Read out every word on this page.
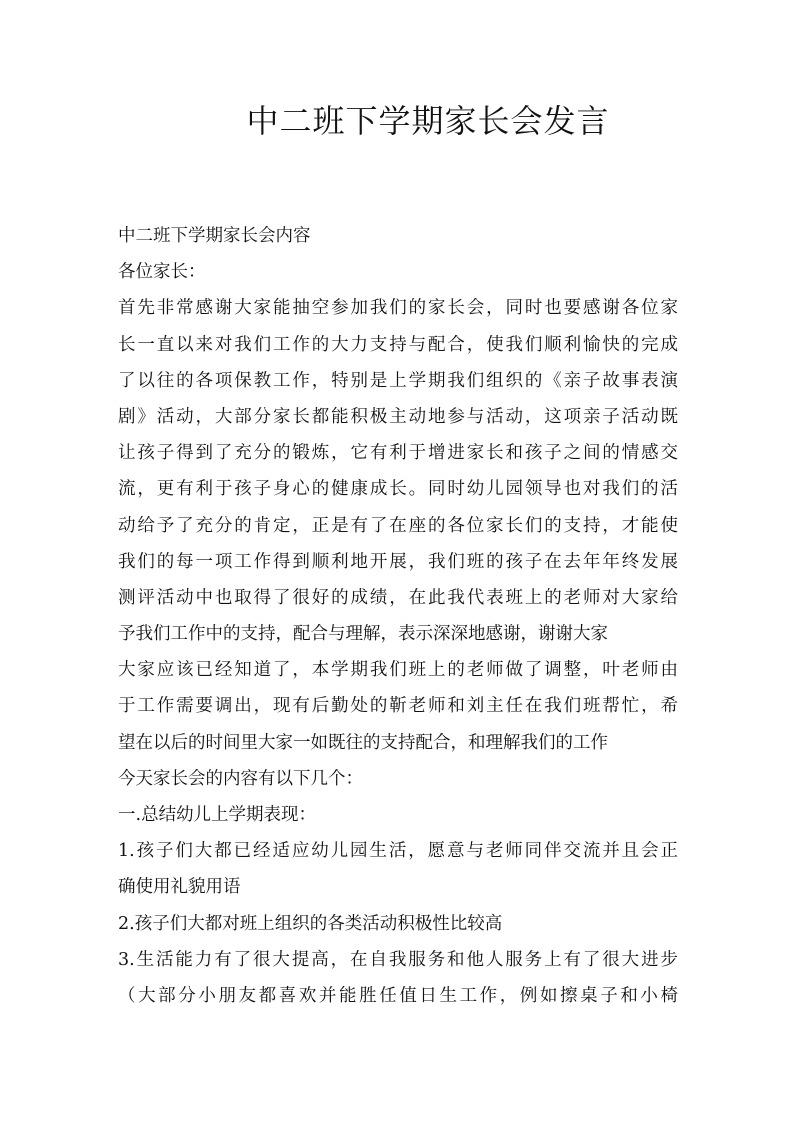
中二班下学期家长会发言
中二班下学期家长会内容
各位家长：
首先非常感谢大家能抽空参加我们的家长会，同时也要感谢各位家
长一直以来对我们工作的大力支持与配合，使我们顺利愉快的完成
了以往的各项保教工作，特别是上学期我们组织的《亲子故事表演
剧》活动，大部分家长都能积极主动地参与活动，这项亲子活动既
让孩子得到了充分的锻炼，它有利于增进家长和孩子之间的情感交
流，更有利于孩子身心的健康成长。同时幼儿园领导也对我们的活
动给予了充分的肯定，正是有了在座的各位家长们的支持，才能使
我们的每一项工作得到顺利地开展，我们班的孩子在去年年终发展
测评活动中也取得了很好的成绩，在此我代表班上的老师对大家给
予我们工作中的支持，配合与理解，表示深深地感谢，谢谢大家
大家应该已经知道了，本学期我们班上的老师做了调整，叶老师由
于工作需要调出，现有后勤处的靳老师和刘主任在我们班帮忙，希
望在以后的时间里大家一如既往的支持配合，和理解我们的工作
今天家长会的内容有以下几个：
一.总结幼儿上学期表现：
1.孩子们大都已经适应幼儿园生活，愿意与老师同伴交流并且会正
确使用礼貌用语
2.孩子们大都对班上组织的各类活动积极性比较高
3.生活能力有了很大提高，在自我服务和他人服务上有了很大进步
（大部分小朋友都喜欢并能胜任值日生工作，例如擦桌子和小椅
